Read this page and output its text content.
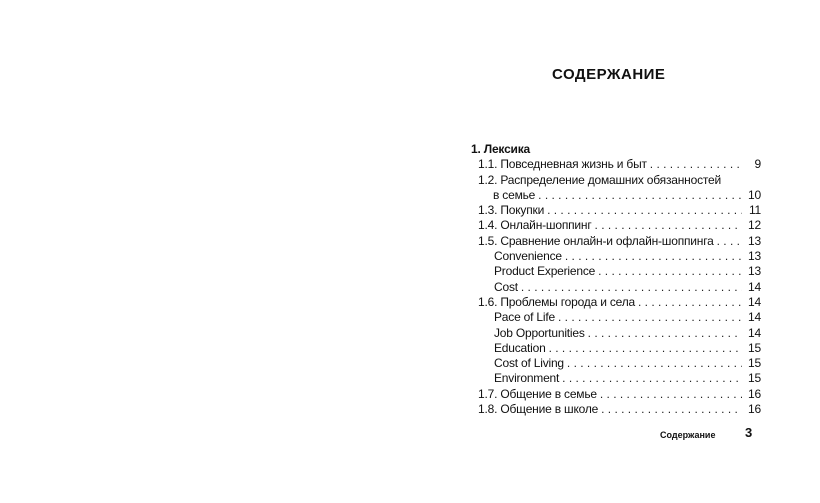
СОДЕРЖАНИЕ
1. Лексика
1.1. Повседневная жизнь и быт . . .	9
1.2. Распределение домашних обязанностей
в семье . . .	10
1.3. Покупки . . .	11
1.4. Онлайн-шоппинг . . .	12
1.5. Сравнение онлайн-и офлайн-шоппинга . . .	13
Convenience . . .	13
Product Experience . . .	13
Cost . . .	14
1.6. Проблемы города и села . . .	14
Pace of Life . . .	14
Job Opportunities . . .	14
Education . . .	15
Cost of Living . . .	15
Environment . . .	15
1.7. Общение в семье . . .	16
1.8. Общение в школе . . .	16
Содержание 3
